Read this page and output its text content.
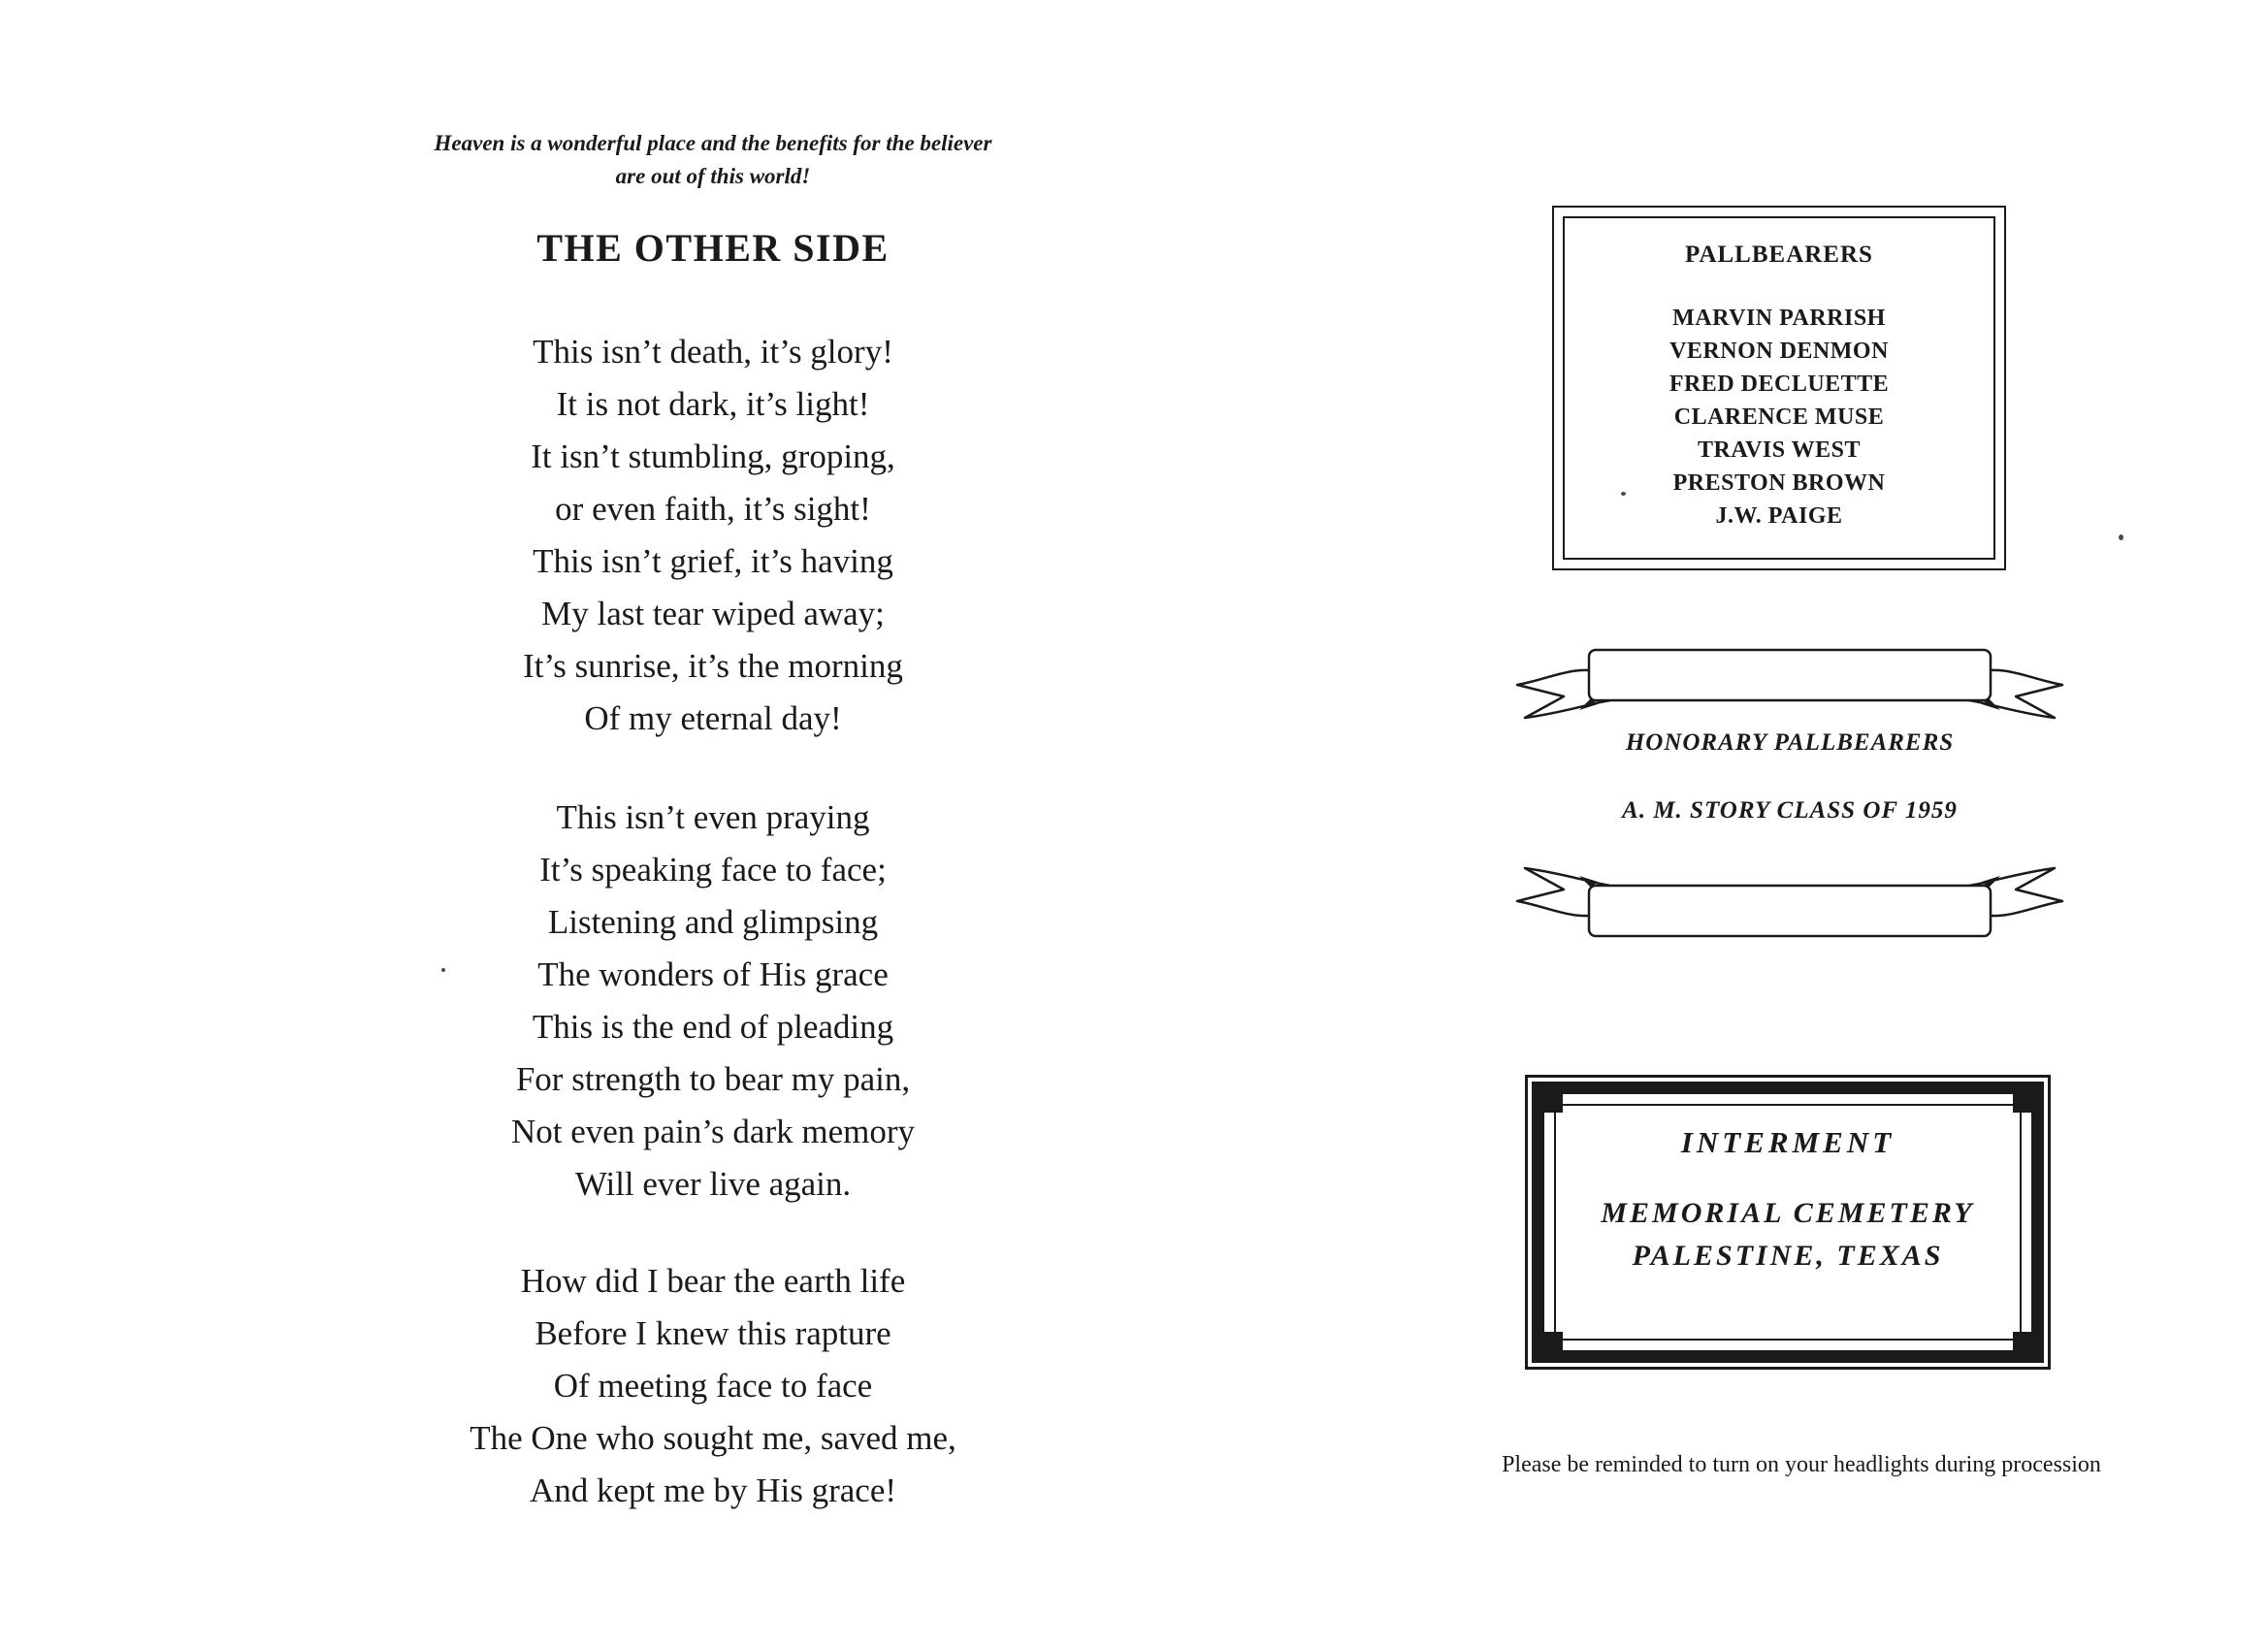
Heaven is a wonderful place and the benefits for the believer
are out of this world!
THE OTHER SIDE
This isn’t death, it’s glory!
It is not dark, it’s light!
It isn’t stumbling, groping,
or even faith, it’s sight!
This isn’t grief, it’s having
My last tear wiped away;
It’s sunrise, it’s the morning
Of my eternal day!
This isn’t even praying
It’s speaking face to face;
Listening and glimpsing
The wonders of His grace
This is the end of pleading
For strength to bear my pain,
Not even pain’s dark memory
Will ever live again.
How did I bear the earth life
Before I knew this rapture
Of meeting face to face
The One who sought me, saved me,
And kept me by His grace!
PALLBEARERS
MARVIN PARRISH
VERNON DENMON
FRED DECLUETTE
CLARENCE MUSE
TRAVIS WEST
PRESTON BROWN
J.W. PAIGE
HONORARY PALLBEARERS
A. M. STORY CLASS OF 1959
INTERMENT
MEMORIAL CEMETERY
PALESTINE, TEXAS
Please be reminded to turn on your headlights during procession
